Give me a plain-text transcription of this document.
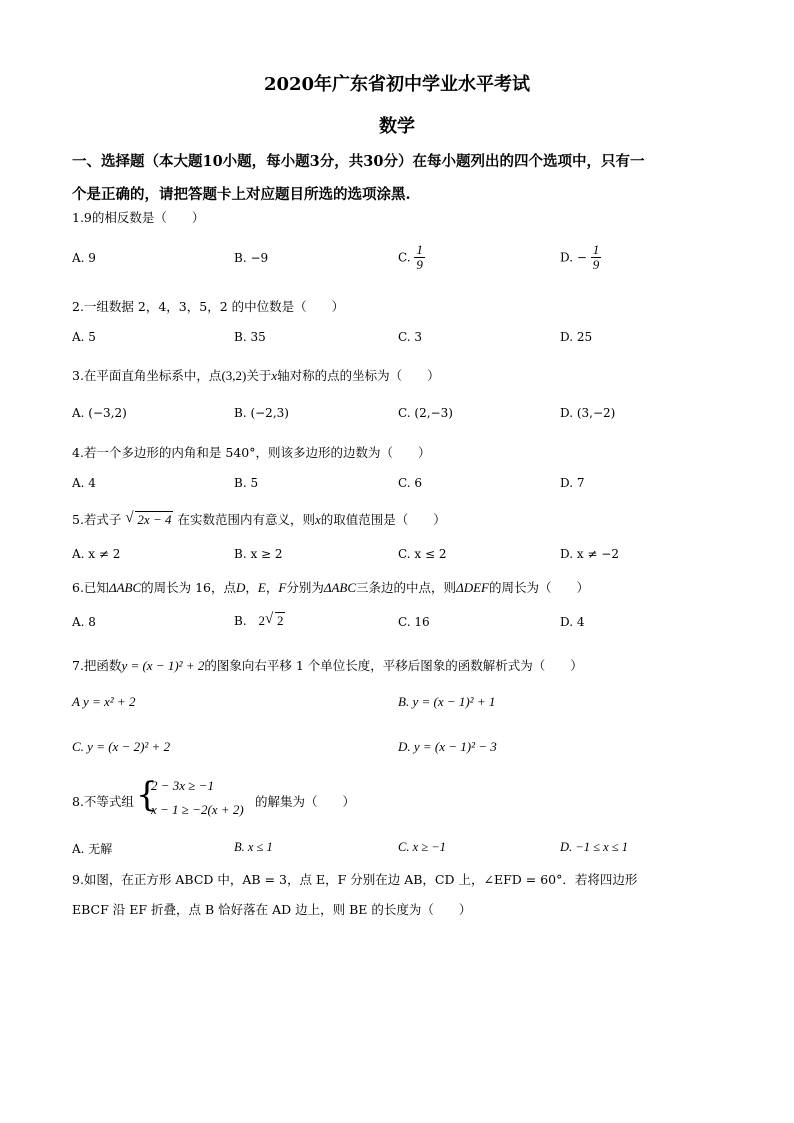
2020年广东省初中学业水平考试
数学
一、选择题（本大题10小题，每小题3分，共30分）在每小题列出的四个选项中，只有一
个是正确的，请把答题卡上对应题目所选的选项涂黑.
1.9的相反数是（　　）
A. 9	B. −9	C. $\frac{1}{9}$	D. − $\frac{1}{9}$
2.一组数据 2，4，3，5，2 的中位数是（　　）
A. 5	B. 35	C. 3	D. 25
3.在平面直角坐标系中，点(3,2)关于x轴对称的点的坐标为（　　）
A. (−3,2)	B. (−2,3)	C. (2,−3)	D. (3,−2)
4.若一个多边形的内角和是 540°，则该多边形的边数为（　　）
A. 4	B. 5	C. 6	D. 7
5.若式子 √ 2x − 4 在实数范围内有意义，则x的取值范围是（　　）
A. x ≠ 2	B. x ≥ 2	C. x ≤ 2	D. x ≠ −2
6.已知ΔABC的周长为 16，点D，E，F分别为ΔABC三条边的中点，则ΔDEF的周长为（　　）
A. 8	B. 2 √ 2	C. 16	D. 4
7.把函数y = (x − 1)² + 2的图象向右平移 1 个单位长度，平移后图象的函数解析式为（　　）
A y = x² + 2	B. y = (x − 1)² + 1
C. y = (x − 2)² + 2	D. y = (x − 1)² − 3
8.不等式组 {
2 − 3x ≥ −1
x − 1 ≥ −2(x + 2)
的解集为（　　）
A. 无解	B. x ≤ 1	C. x ≥ −1	D. −1 ≤ x ≤ 1
9.如图，在正方形 ABCD 中，AB = 3，点 E，F 分别在边 AB，CD 上，∠EFD = 60°．若将四边形
EBCF 沿 EF 折叠，点 B 恰好落在 AD 边上，则 BE 的长度为（　　）
